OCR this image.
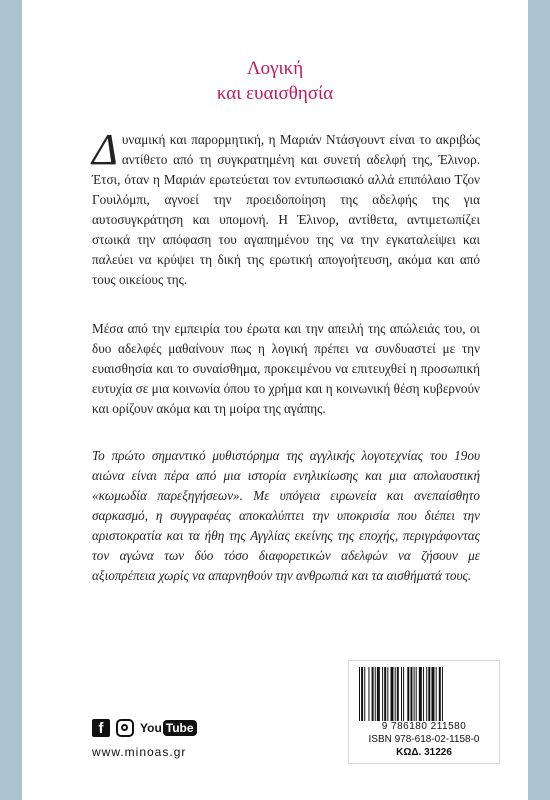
Λογική
και ευαισθησία
Δυναμική και παρορμητική, η Μαριάν Ντάσγουντ είναι το ακριβώς αντίθετο από τη συγκρατημένη και συνετή αδελφή της, Έλινορ. Έτσι, όταν η Μαριάν ερωτεύεται τον εντυπωσιακό αλλά επιπόλαιο Τζον Γουιλόμπι, αγνοεί την προειδοποίηση της αδελφής της για αυτοσυγκράτηση και υπομονή. Η Έλινορ, αντίθετα, αντιμετωπίζει στωικά την απόφαση του αγαπημένου της να την εγκαταλείψει και παλεύει να κρύψει τη δική της ερωτική απογοήτευση, ακόμα και από τους οικείους της.
Μέσα από την εμπειρία του έρωτα και την απειλή της απώλειάς του, οι δυο αδελφές μαθαίνουν πως η λογική πρέπει να συνδυαστεί με την ευαισθησία και το συναίσθημα, προκειμένου να επιτευχθεί η προσωπική ευτυχία σε μια κοινωνία όπου το χρήμα και η κοινωνική θέση κυβερνούν και ορίζουν ακόμα και τη μοίρα της αγάπης.
Το πρώτο σημαντικό μυθιστόρημα της αγγλικής λογοτεχνίας του 19ου αιώνα είναι πέρα από μια ιστορία ενηλικίωσης και μια απολαυστική «κωμωδία παρεξηγήσεων». Με υπόγεια ειρωνεία και ανεπαίσθητο σαρκασμό, η συγγραφέας αποκαλύπτει την υποκρισία που διέπει την αριστοκρατία και τα ήθη της Αγγλίας εκείνης της εποχής, περιγράφοντας τον αγώνα των δύο τόσο διαφορετικών αδελφών να ζήσουν με αξιοπρέπεια χωρίς να απαρνηθούν την ανθρωπιά και τα αισθήματά τους.
f	You Tube
www.minoas.gr
9 786180 211580
ISBN 978-618-02-1158-0
ΚΩΔ. 31226
